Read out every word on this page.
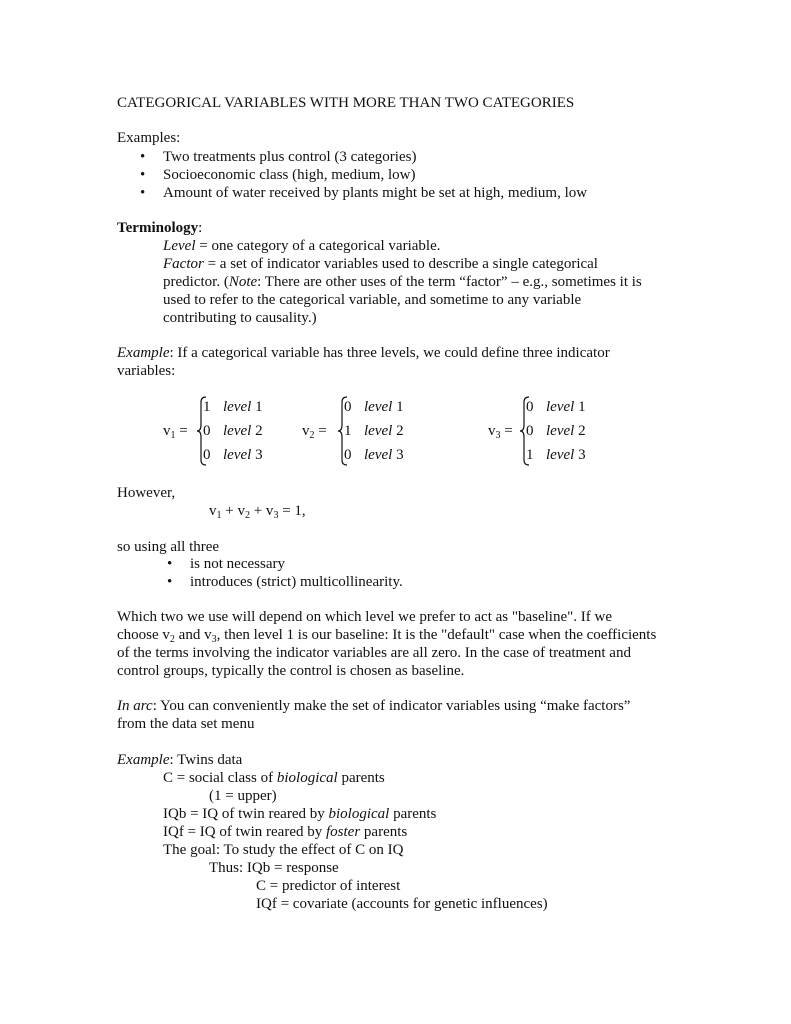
CATEGORICAL VARIABLES WITH MORE THAN TWO CATEGORIES
Examples:
• Two treatments plus control (3 categories)
• Socioeconomic class (high, medium, low)
• Amount of water received by plants might be set at high, medium, low
Terminology:
Level = one category of a categorical variable.
Factor = a set of indicator variables used to describe a single categorical
predictor. (Note: There are other uses of the term “factor” – e.g., sometimes it is
used to refer to the categorical variable, and sometime to any variable
contributing to causality.)
Example: If a categorical variable has three levels, we could define three indicator
variables:
$v_1$ =
1 level 1
0 level 2
0 level 3
$v_2$ =
0 level 1
1 level 2
0 level 3
$v_3$ =
0 level 1
0 level 2
1 level 3
However,
$v_1 + v_2 + v_3 = 1$,
so using all three
• is not necessary
• introduces (strict) multicollinearity.
Which two we use will depend on which level we prefer to act as "baseline". If we
choose $v_2$ and $v_3$, then level 1 is our baseline: It is the "default" case when the coefficients
of the terms involving the indicator variables are all zero. In the case of treatment and
control groups, typically the control is chosen as baseline.
In arc: You can conveniently make the set of indicator variables using “make factors”
from the data set menu
Example: Twins data
C = social class of biological parents
(1 = upper)
IQb = IQ of twin reared by biological parents
IQf = IQ of twin reared by foster parents
The goal: To study the effect of C on IQ
Thus: IQb = response
C = predictor of interest
IQf = covariate (accounts for genetic influences)
